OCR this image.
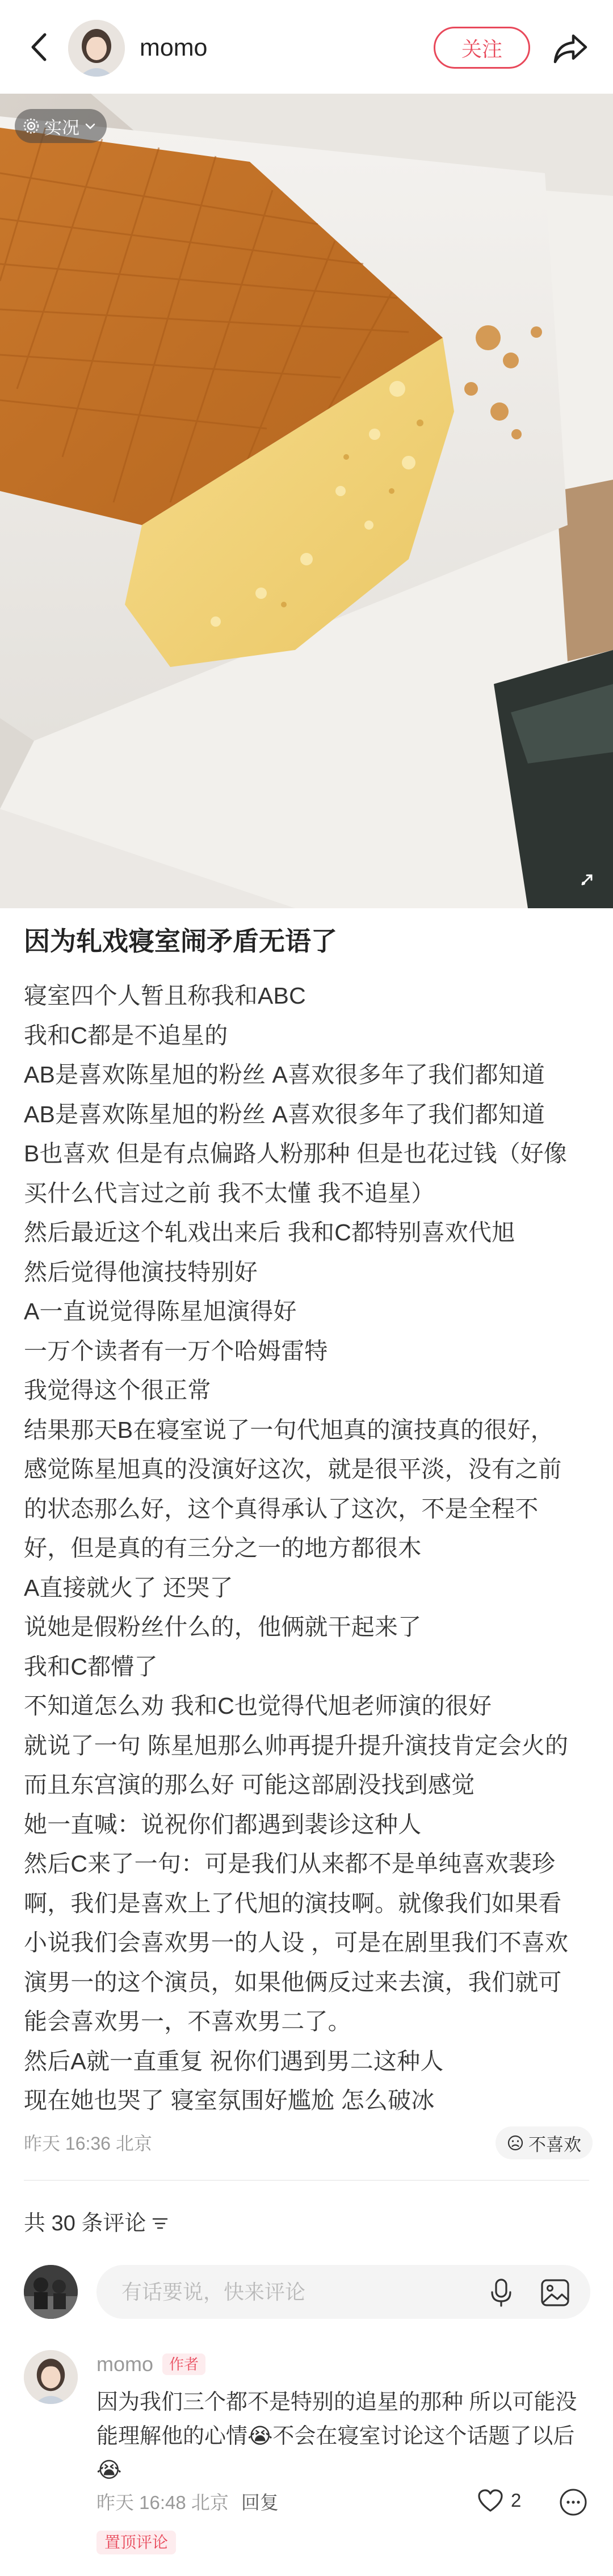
momo	关注
实况
因为轧戏寝室闹矛盾无语了
寝室四个人暂且称我和ABC
我和C都是不追星的
AB是喜欢陈星旭的粉丝 A喜欢很多年了我们都知道
AB是喜欢陈星旭的粉丝 A喜欢很多年了我们都知道
B也喜欢 但是有点偏路人粉那种 但是也花过钱（好像
买什么代言过之前 我不太懂 我不追星）
然后最近这个轧戏出来后 我和C都特别喜欢代旭
然后觉得他演技特别好
A一直说觉得陈星旭演得好
一万个读者有一万个哈姆雷特
我觉得这个很正常
结果那天B在寝室说了一句代旭真的演技真的很好，
感觉陈星旭真的没演好这次，就是很平淡，没有之前
的状态那么好，这个真得承认了这次，不是全程不
好，但是真的有三分之一的地方都很木
A直接就火了 还哭了
说她是假粉丝什么的，他俩就干起来了
我和C都懵了
不知道怎么劝 我和C也觉得代旭老师演的很好
就说了一句 陈星旭那么帅再提升提升演技肯定会火的
而且东宫演的那么好 可能这部剧没找到感觉
她一直喊：说祝你们都遇到裴诊这种人
然后C来了一句：可是我们从来都不是单纯喜欢裴珍
啊，我们是喜欢上了代旭的演技啊。就像我们如果看
小说我们会喜欢男一的人设 ，可是在剧里我们不喜欢
演男一的这个演员，如果他俩反过来去演，我们就可
能会喜欢男一，不喜欢男二了。
然后A就一直重复 祝你们遇到男二这种人
现在她也哭了 寝室氛围好尴尬 怎么破冰
昨天 16:36 北京	不喜欢
共 30 条评论
有话要说，快来评论
momo	作者
因为我们三个都不是特别的追星的那种 所以可能没
能理解他的心情😭不会在寝室讨论这个话题了以后
😭
昨天 16:48 北京 回复	2
置顶评论
